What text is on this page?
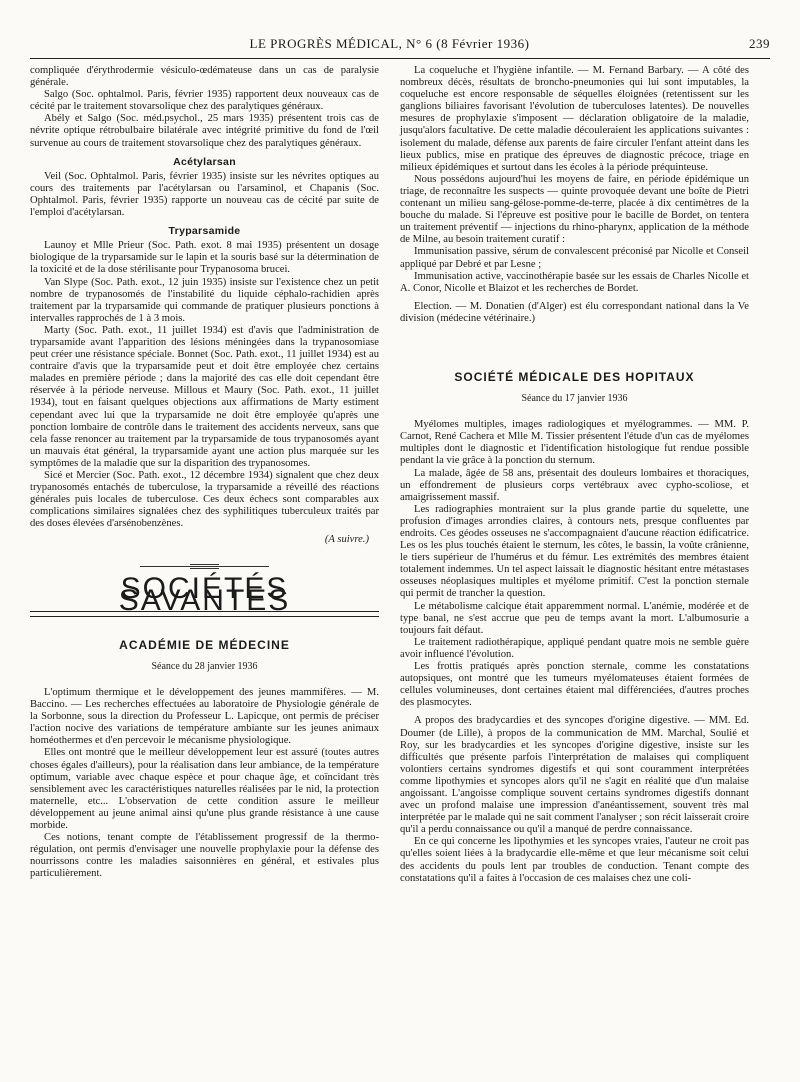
LE PROGRÈS MÉDICAL, N° 6 (8 Février 1936)	239

compliquée d'érythrodermie vésiculo-œdémateuse dans un cas de paralysie générale.

Salgo (Soc. ophtalmol. Paris, février 1935) rapportent deux nouveaux cas de cécité par le traitement stovarsolique chez des paralytiques généraux.

Abély et Salgo (Soc. méd.psychol., 25 mars 1935) présentent trois cas de névrite optique rétrobulbaire bilatérale avec intégrité primitive du fond de l'œil survenue au cours de traitement stovarsolique chez des paralytiques généraux.

Acétylarsan

Veil (Soc. Ophtalmol. Paris, février 1935) insiste sur les névrites optiques au cours des traitements par l'acétylarsan ou l'arsaminol, et Chapanis (Soc. Ophtalmol. Paris, février 1935) rapporte un nouveau cas de cécité par suite de l'emploi d'acétylarsan.

Tryparsamide

Launoy et Mlle Prieur (Soc. Path. exot. 8 mai 1935) présentent un dosage biologique de la tryparsamide sur le lapin et la souris basé sur la détermination de la toxicité et de la dose stérilisante pour Trypanosoma brucei.

Van Slype (Soc. Path. exot., 12 juin 1935) insiste sur l'existence chez un petit nombre de trypanosomés de l'instabilité du liquide céphalo-rachidien après traitement par la tryparsamide qui commande de pratiquer plusieurs ponctions à intervalles rapprochés de 1 à 3 mois.

Marty (Soc. Path. exot., 11 juillet 1934) est d'avis que l'administration de tryparsamide avant l'apparition des lésions méningées dans la trypanosomiase peut créer une résistance spéciale. Bonnet (Soc. Path. exot., 11 juillet 1934) est au contraire d'avis que la tryparsamide peut et doit être employée chez certains malades en première période ; dans la majorité des cas elle doit cependant être réservée à la période nerveuse. Millous et Maury (Soc. Path. exot., 11 juillet 1934), tout en faisant quelques objections aux affirmations de Marty estiment cependant avec lui que la tryparsamide ne doit être employée qu'après une ponction lombaire de contrôle dans le traitement des accidents nerveux, sans que cela fasse renoncer au traitement par la tryparsamide de tous trypanosomés ayant un mauvais état général, la tryparsamide ayant une action plus marquée sur les symptômes de la maladie que sur la disparition des trypanosomes.

Sicé et Mercier (Soc. Path. exot., 12 décembre 1934) signalent que chez deux trypanosomés entachés de tuberculose, la tryparsamide a réveillé des réactions générales puis locales de tuberculose. Ces deux échecs sont comparables aux complications similaires signalées chez des syphilitiques tuberculeux traités par des doses élevées d'arsénobenzènes.

(A suivre.)
SOCIÉTÉS SAVANTES
ACADÉMIE DE MÉDECINE
Séance du 28 janvier 1936

L'optimum thermique et le développement des jeunes mammifères. — M. Baccino. — Les recherches effectuées au laboratoire de Physiologie générale de la Sorbonne, sous la direction du Professeur L. Lapicque, ont permis de préciser l'action nocive des variations de température ambiante sur les jeunes animaux homéothermes et d'en percevoir le mécanisme physiologique.

Elles ont montré que le meilleur développement leur est assuré (toutes autres choses égales d'ailleurs), pour la réalisation dans leur ambiance, de la température optimum, variable avec chaque espèce et pour chaque âge, et coïncidant très sensiblement avec les caractéristiques naturelles réalisées par le nid, la protection maternelle, etc... L'observation de cette condition assure le meilleur développement au jeune animal ainsi qu'une plus grande résistance à une cause morbide.

Ces notions, tenant compte de l'établissement progressif de la thermo-régulation, ont permis d'envisager une nouvelle prophylaxie pour la défense des nourrissons contre les maladies saisonnières en général, et estivales plus particulièrement.

La coqueluche et l'hygiène infantile. — M. Fernand Barbary. — A côté des nombreux décès, résultats de broncho-pneumonies qui lui sont imputables, la coqueluche est encore responsable de séquelles éloignées (retentissent sur les ganglions biliaires favorisant l'évolution de tuberculoses latentes). De nouvelles mesures de prophylaxie s'imposent — déclaration obligatoire de la maladie, jusqu'alors facultative. De cette maladie découleraient les applications suivantes : isolement du malade, défense aux parents de faire circuler l'enfant atteint dans les lieux publics, mise en pratique des épreuves de diagnostic précoce, triage en milieux épidémiques et surtout dans les écoles à la période préquinteuse.

Nous possédons aujourd'hui les moyens de faire, en période épidémique un triage, de reconnaître les suspects — quinte provoquée devant une boîte de Pietri contenant un milieu sang-gélose-pomme-de-terre, placée à dix centimètres de la bouche du malade. Si l'épreuve est positive pour le bacille de Bordet, on tentera un traitement préventif — injections du rhino-pharynx, application de la méthode de Milne, au besoin traitement curatif :

Immunisation passive, sérum de convalescent préconisé par Nicolle et Conseil appliqué par Debré et par Lesne ;

Immunisation active, vaccinothérapie basée sur les essais de Charles Nicolle et A. Conor, Nicolle et Blaizot et les recherches de Bordet.

Election. — M. Donatien (d'Alger) est élu correspondant national dans la Ve division (médecine vétérinaire.)

SOCIÉTÉ MÉDICALE DES HOPITAUX
Séance du 17 janvier 1936

Myélomes multiples, images radiologiques et myélogrammes. — MM. P. Carnot, René Cachera et Mlle M. Tissier présentent l'étude d'un cas de myélomes multiples dont le diagnostic et l'identification histologique fut rendue possible pendant la vie grâce à la ponction du sternum.

La malade, âgée de 58 ans, présentait des douleurs lombaires et thoraciques, un effondrement de plusieurs corps vertébraux avec cypho-scoliose, et amaigrissement massif.

Les radiographies montraient sur la plus grande partie du squelette, une profusion d'images arrondies claires, à contours nets, presque confluentes par endroits. Ces géodes osseuses ne s'accompagnaient d'aucune réaction édificatrice. Les os les plus touchés étaient le sternum, les côtes, le bassin, la voûte crânienne, le tiers supérieur de l'humérus et du fémur. Les extrémités des membres étaient totalement indemmes. Un tel aspect laissait le diagnostic hésitant entre métastases osseuses néoplasiques multiples et myélome primitif. C'est la ponction sternale qui permit de trancher la question.

Le métabolisme calcique était apparemment normal. L'anémie, modérée et de type banal, ne s'est accrue que peu de temps avant la mort. L'albumosurie a toujours fait défaut.

Le traitement radiothérapique, appliqué pendant quatre mois ne semble guère avoir influencé l'évolution.

Les frottis pratiqués après ponction sternale, comme les constatations autopsiques, ont montré que les tumeurs myélomateuses étaient formées de cellules volumineuses, dont certaines étaient mal différenciées, d'autres proches des plasmocytes.

A propos des bradycardies et des syncopes d'origine digestive. — MM. Ed. Doumer (de Lille), à propos de la communication de MM. Marchal, Soulié et Roy, sur les bradycardies et les syncopes d'origine digestive, insiste sur les difficultés que présente parfois l'interprétation de malaises qui compliquent volontiers certains syndromes digestifs et qui sont couramment interprétées comme lipothymies et syncopes alors qu'il ne s'agit en réalité que d'un malaise angoissant. L'angoisse complique souvent certains syndromes digestifs donnant avec un profond malaise une impression d'anéantissement, souvent très mal interprétée par le malade qui ne sait comment l'analyser ; son récit laisserait croire qu'il a perdu connaissance ou qu'il a manqué de perdre connaissance.

En ce qui concerne les lipothymies et les syncopes vraies, l'auteur ne croit pas qu'elles soient liées à la bradycardie elle-même et que leur mécanisme soit celui des accidents du pouls lent par troubles de conduction. Tenant compte des constatations qu'il a faites à l'occasion de ces malaises chez une coli-
